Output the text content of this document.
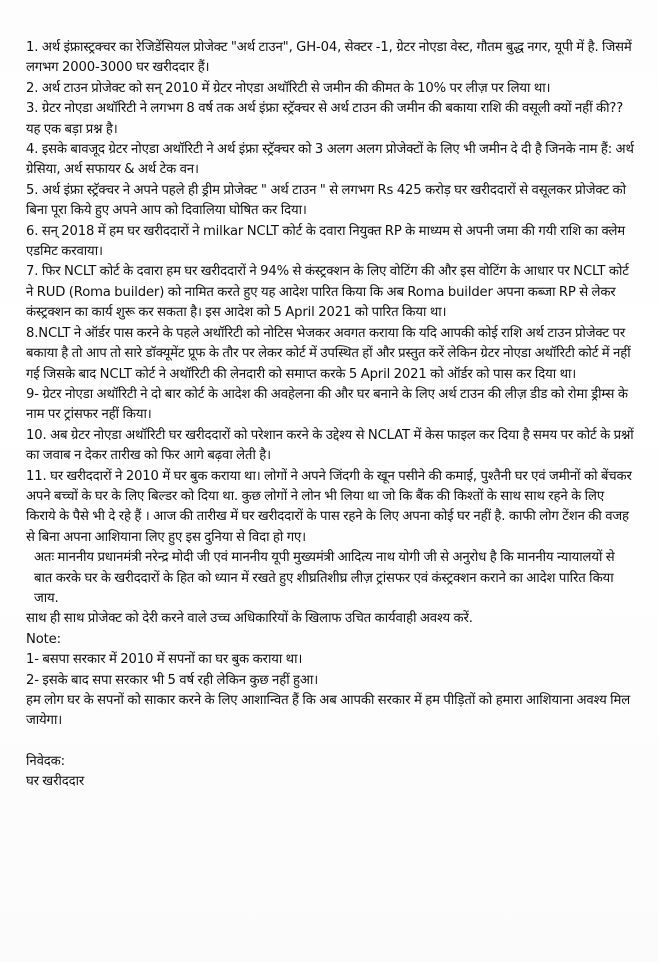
1. अर्थ इंफ्रास्ट्रक्चर का रेजिडेंसियल प्रोजेक्ट "अर्थ टाउन", GH-04, सेक्टर -1, ग्रेटर नोएडा वेस्ट, गौतम बुद्ध नगर, यूपी में है. जिसमें लगभग 2000-3000 घर खरीददार हैं।

2. अर्थ टाउन प्रोजेक्ट को सन् 2010 में ग्रेटर नोएडा अथॉरिटी से जमीन की कीमत के 10% पर लीज़ पर लिया था।

3. ग्रेटर नोएडा अथॉरिटी ने लगभग 8 वर्ष तक अर्थ इंफ्रा स्ट्रॅक्चर से अर्थ टाउन की जमीन की बकाया राशि की वसूली क्यों नहीं की?? यह एक बड़ा प्रश्न है।

4. इसके बावजूद ग्रेटर नोएडा अथॉरिटी ने अर्थ इंफ्रा स्ट्रॅक्चर को 3 अलग अलग प्रोजेक्टों के लिए भी जमीन दे दी है जिनके नाम हैं: अर्थ ग्रेसिया, अर्थ सफायर & अर्थ टेक वन।

5. अर्थ इंफ्रा स्ट्रॅक्चर ने अपने पहले ही ड्रीम प्रोजेक्ट " अर्थ टाउन " से लगभग Rs 425 करोड़ घर खरीददारों से वसूलकर प्रोजेक्ट को बिना पूरा किये हुए अपने आप को दिवालिया घोषित कर दिया।

6. सन् 2018 में हम घर खरीददारों ने milkar NCLT कोर्ट के दवारा नियुक्त RP के माध्यम से अपनी जमा की गयी राशि का क्लेम एडमिट करवाया।

7. फिर NCLT कोर्ट के दवारा हम घर खरीददारों ने 94% से कंस्ट्रक्शन के लिए वोटिंग की और इस वोटिंग के आधार पर NCLT कोर्ट ने RUD (Roma builder) को नामित करते हुए यह आदेश पारित किया कि अब Roma builder अपना कब्जा RP से लेकर कंस्ट्रक्शन का कार्य शुरू कर सकता है। इस आदेश को 5 April 2021 को पारित किया था।

8.NCLT ने ऑर्डर पास करने के पहले अथॉरिटी को नोटिस भेजकर अवगत कराया कि यदि आपकी कोई राशि अर्थ टाउन प्रोजेक्ट पर बकाया है तो आप तो सारे डॉक्यूमेंट प्रूफ के तौर पर लेकर कोर्ट में उपस्थित हों और प्रस्तुत करें लेकिन ग्रेटर नोएडा अथॉरिटी कोर्ट में नहीं गई जिसके बाद NCLT कोर्ट ने अथॉरिटी की लेनदारी को समाप्त करके 5 April 2021 को ऑर्डर को पास कर दिया था।

9- ग्रेटर नोएडा अथॉरिटी ने दो बार कोर्ट के आदेश की अवहेलना की और घर बनाने के लिए अर्थ टाउन की लीज़ डीड को रोमा ड्रीम्स के नाम पर ट्रांसफर नहीं किया।

10. अब ग्रेटर नोएडा अथॉरिटी घर खरीददारों को परेशान करने के उद्देश्य से NCLAT में केस फाइल कर दिया है समय पर कोर्ट के प्रश्नों का जवाब न देकर तारीख को फिर आगे बढ़वा लेती है।

11. घर खरीददारों ने 2010 में घर बुक कराया था। लोगों ने अपने जिंदगी के खून पसीने की कमाई, पुश्तैनी घर एवं जमीनों को बेंचकर अपने बच्चों के घर के लिए बिल्डर को दिया था. कुछ लोगों ने लोन भी लिया था जो कि बैंक की किश्तों के साथ साथ रहने के लिए किराये के पैसे भी दे रहे हैं । आज की तारीख में घर खरीददारों के पास रहने के लिए अपना कोई घर नहीं है. काफी लोग टेंशन की वजह से बिना अपना आशियाना लिए हुए इस दुनिया से विदा हो गए।

अतः माननीय प्रधानमंत्री नरेन्द्र मोदी जी एवं माननीय यूपी मुख्यमंत्री आदित्य नाथ योगी जी से अनुरोध है कि माननीय न्यायालयों से बात करके घर के खरीददारों के हित को ध्यान में रखते हुए शीघ्रतिशीघ्र लीज़ ट्रांसफर एवं कंस्ट्रक्शन कराने का आदेश पारित किया जाय.

साथ ही साथ प्रोजेक्ट को देरी करने वाले उच्च अधिकारियों के खिलाफ उचित कार्यवाही अवश्य करें.

Note:

1- बसपा सरकार में 2010 में सपनों का घर बुक कराया था।

2- इसके बाद सपा सरकार भी 5 वर्ष रही लेकिन कुछ नहीं हुआ।

हम लोग घर के सपनों को साकार करने के लिए आशान्वित हैं कि अब आपकी सरकार में हम पीड़ितों को हमारा आशियाना अवश्य मिल जायेगा।

निवेदक:

घर खरीददार
